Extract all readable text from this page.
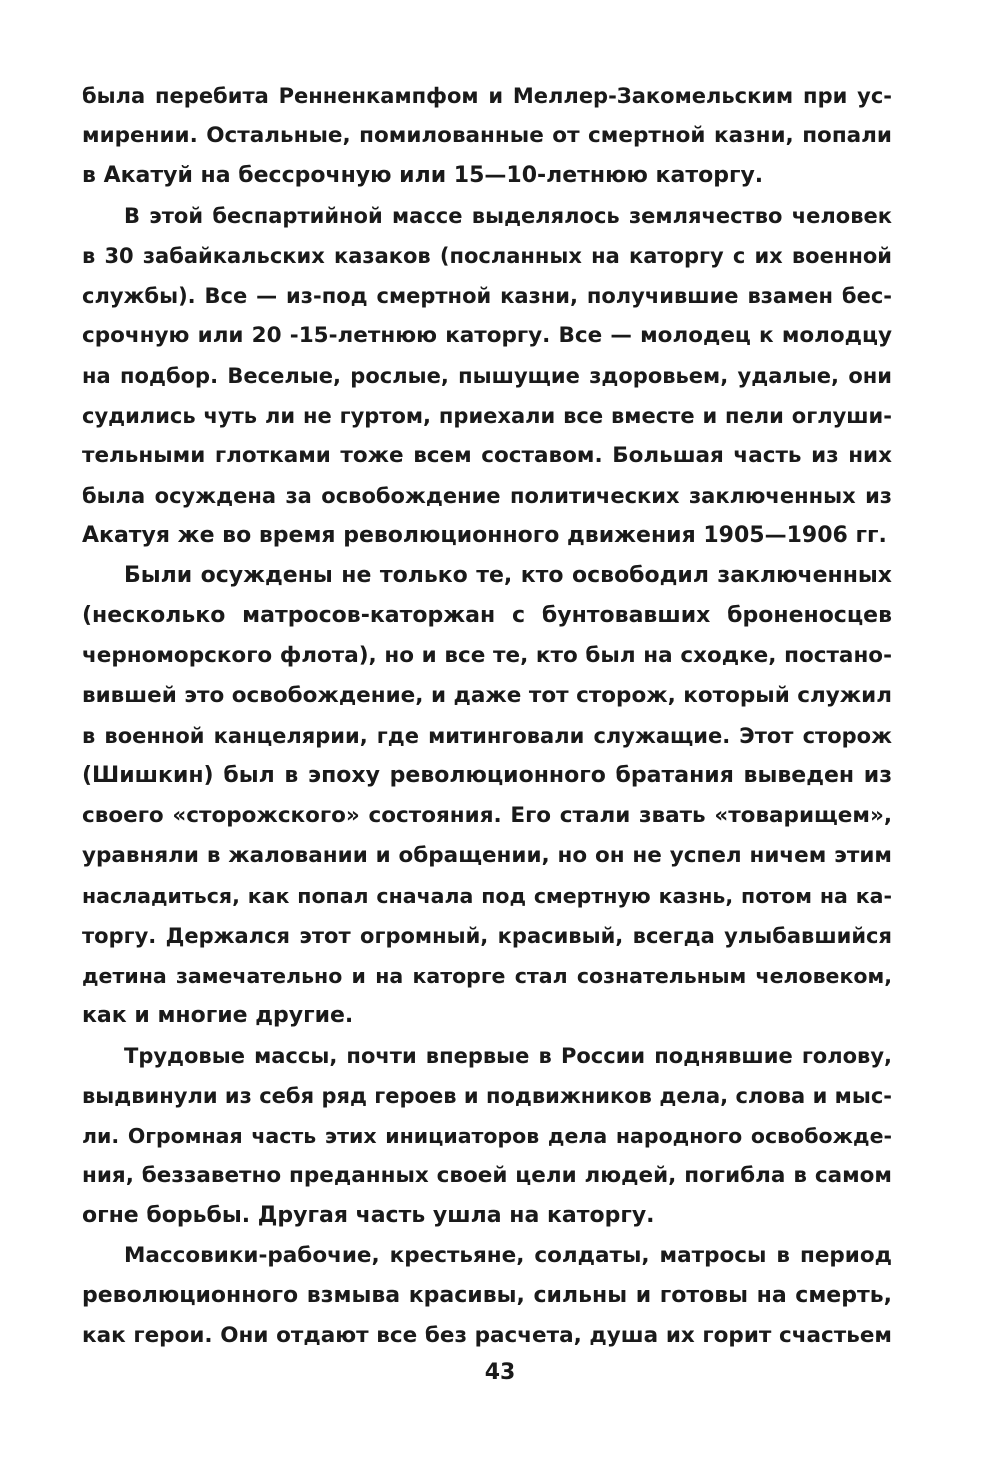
была перебита Ренненкампфом и Меллер-Закомельским при ус-
мирении. Остальные, помилованные от смертной казни, попали
в Акатуй на бессрочную или 15—10-летнюю каторгу.
В этой беспартийной массе выделялось землячество человек
в 30 забайкальских казаков (посланных на каторгу с их военной
службы). Все — из-под смертной казни, получившие взамен бес-
срочную или 20 -15-летнюю каторгу. Все — молодец к молодцу
на подбор. Веселые, рослые, пышущие здоровьем, удалые, они
судились чуть ли не гуртом, приехали все вместе и пели оглуши-
тельными глотками тоже всем составом. Большая часть из них
была осуждена за освобождение политических заключенных из
Акатуя же во время революционного движения 1905—1906 гг.
Были осуждены не только те, кто освободил заключенных
(несколько матросов-каторжан с бунтовавших броненосцев
черноморского флота), но и все те, кто был на сходке, постано-
вившей это освобождение, и даже тот сторож, который служил
в военной канцелярии, где митинговали служащие. Этот сторож
(Шишкин) был в эпоху революционного братания выведен из
своего «сторожского» состояния. Его стали звать «товарищем»,
уравняли в жаловании и обращении, но он не успел ничем этим
насладиться, как попал сначала под смертную казнь, потом на ка-
торгу. Держался этот огромный, красивый, всегда улыбавшийся
детина замечательно и на каторге стал сознательным человеком,
как и многие другие.
Трудовые массы, почти впервые в России поднявшие голову,
выдвинули из себя ряд героев и подвижников дела, слова и мыс-
ли. Огромная часть этих инициаторов дела народного освобожде-
ния, беззаветно преданных своей цели людей, погибла в самом
огне борьбы. Другая часть ушла на каторгу.
Массовики-рабочие, крестьяне, солдаты, матросы в период
революционного взмыва красивы, сильны и готовы на смерть,
как герои. Они отдают все без расчета, душа их горит счастьем
43
